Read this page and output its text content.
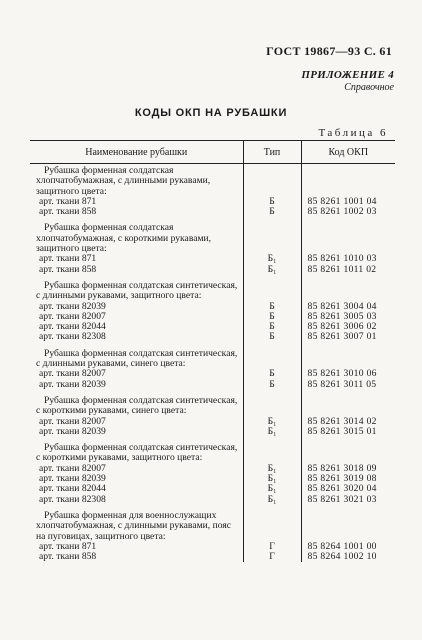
ГОСТ 19867—93 С. 61
ПРИЛОЖЕНИЕ 4
Справочное
КОДЫ ОКП НА РУБАШКИ
Таблица 6
Наименование рубашки	Тип	Код ОКП

Рубашка форменная солдатская хлопчатобумажная, с длинными рукавами, защитного цвета:		

арт. ткани 871	Б	85 8261 1001 04
арт. ткани 858	Б	85 8261 1002 03

Рубашка форменная солдатская хлопчатобумажная, с короткими рукавами, защитного цвета:		

арт. ткани 871	Б₁	85 8261 1010 03
арт. ткани 858	Б₁	85 8261 1011 02

Рубашка форменная солдатская синтетическая, с длинными рукавами, защитного цвета:		

арт. ткани 82039	Б	85 8261 3004 04
арт. ткани 82007	Б	85 8261 3005 03
арт. ткани 82044	Б	85 8261 3006 02
арт. ткани 82308	Б	85 8261 3007 01

Рубашка форменная солдатская синтетическая, с длинными рукавами, синего цвета:		

арт. ткани 82007	Б	85 8261 3010 06
арт. ткани 82039	Б	85 8261 3011 05

Рубашка форменная солдатская синтетическая, с короткими рукавами, синего цвета:		

арт. ткани 82007	Б₁	85 8261 3014 02
арт. ткани 82039	Б₁	85 8261 3015 01

Рубашка форменная солдатская синтетическая, с короткими рукавами, защитного цвета:		

арт. ткани 82007	Б₁	85 8261 3018 09
арт. ткани 82039	Б₁	85 8261 3019 08
арт. ткани 82044	Б₁	85 8261 3020 04
арт. ткани 82308	Б₁	85 8261 3021 03

Рубашка форменная для военнослужащих хлопчатобумажная, с длинными рукавами, пояс на пуговицах, защитного цвета:		

арт. ткани 871	Г	85 8264 1001 00
арт. ткани 858	Г	85 8264 1002 10
